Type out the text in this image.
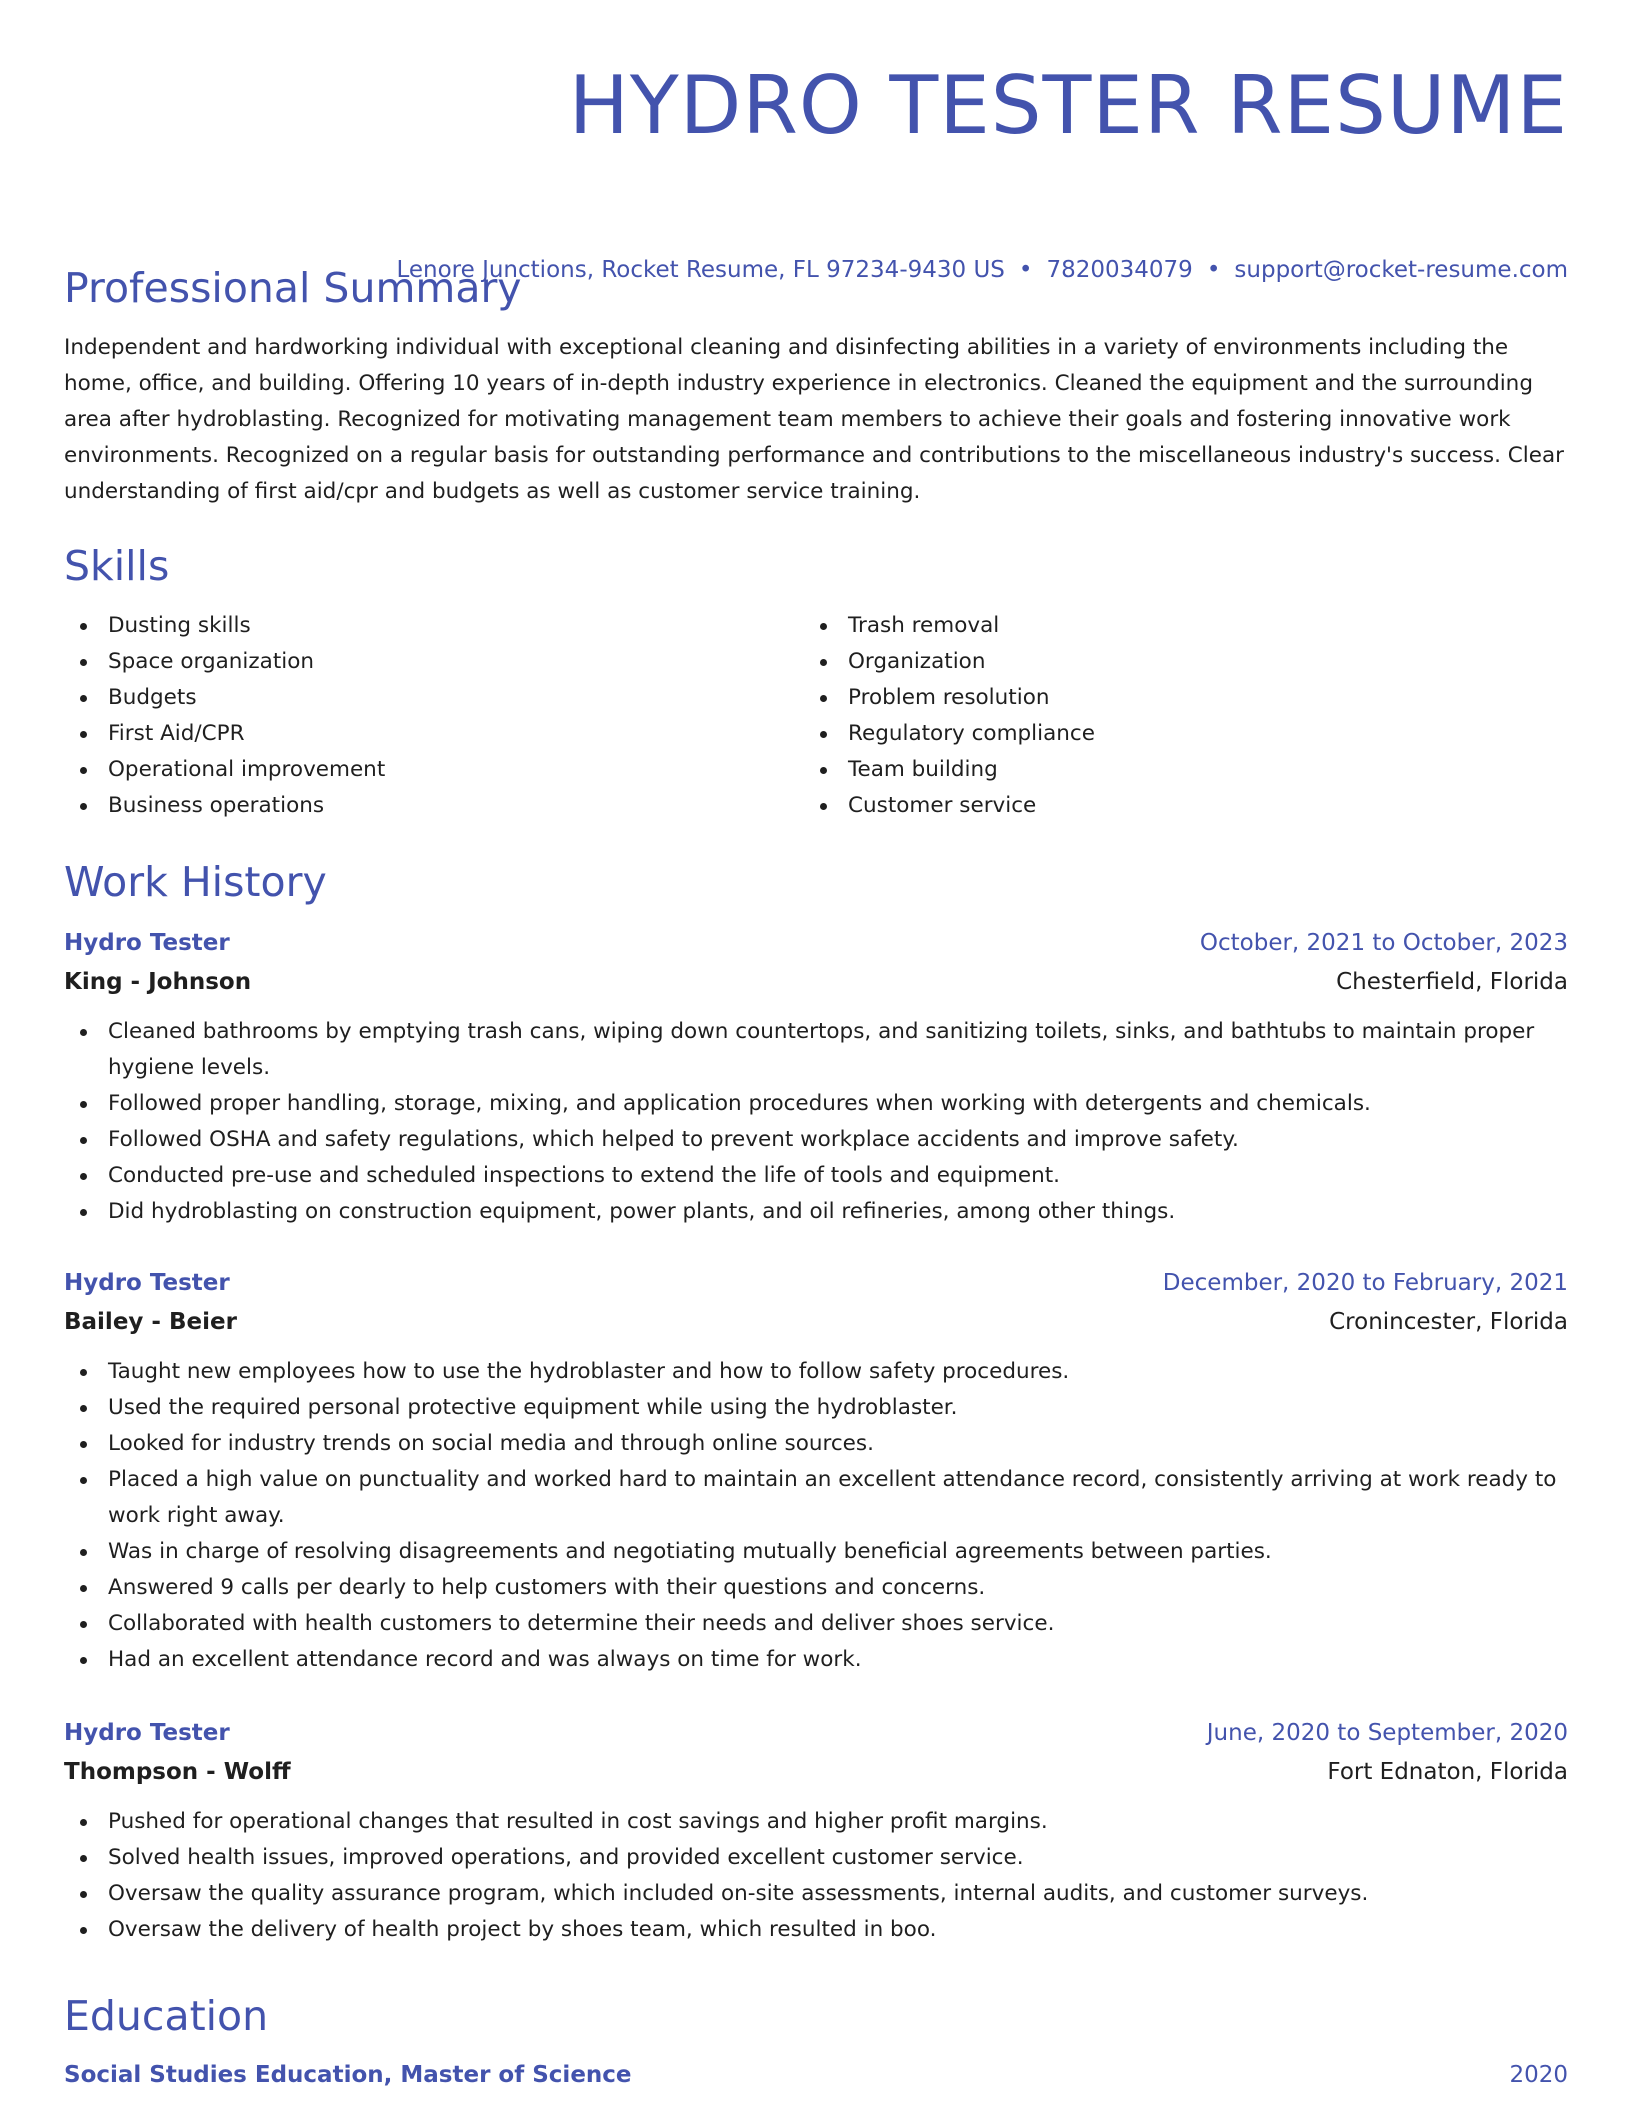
HYDRO TESTER RESUME
Lenore Junctions, Rocket Resume, FL 97234-9430 US • 7820034079 • support@rocket-resume.com
Professional Summary

Independent and hardworking individual with exceptional cleaning and disinfecting abilities in a variety of environments including the home, office, and building. Offering 10 years of in-depth industry experience in electronics. Cleaned the equipment and the surrounding area after hydroblasting. Recognized for motivating management team members to achieve their goals and fostering innovative work environments. Recognized on a regular basis for outstanding performance and contributions to the miscellaneous industry's success. Clear understanding of first aid/cpr and budgets as well as customer service training.

Skills
Dusting skills
Space organization
Budgets
First Aid/CPR
Operational improvement
Business operations
Trash removal
Organization
Problem resolution
Regulatory compliance
Team building
Customer service
Work History
Hydro Tester	October, 2021 to October, 2023
King - Johnson	Chesterfield, Florida
Cleaned bathrooms by emptying trash cans, wiping down countertops, and sanitizing toilets, sinks, and bathtubs to maintain proper hygiene levels.
Followed proper handling, storage, mixing, and application procedures when working with detergents and chemicals.
Followed OSHA and safety regulations, which helped to prevent workplace accidents and improve safety.
Conducted pre-use and scheduled inspections to extend the life of tools and equipment.
Did hydroblasting on construction equipment, power plants, and oil refineries, among other things.
Hydro Tester	December, 2020 to February, 2021
Bailey - Beier	Cronincester, Florida
Taught new employees how to use the hydroblaster and how to follow safety procedures.
Used the required personal protective equipment while using the hydroblaster.
Looked for industry trends on social media and through online sources.
Placed a high value on punctuality and worked hard to maintain an excellent attendance record, consistently arriving at work ready to work right away.
Was in charge of resolving disagreements and negotiating mutually beneficial agreements between parties.
Answered 9 calls per dearly to help customers with their questions and concerns.
Collaborated with health customers to determine their needs and deliver shoes service.
Had an excellent attendance record and was always on time for work.
Hydro Tester	June, 2020 to September, 2020
Thompson - Wolff	Fort Ednaton, Florida
Pushed for operational changes that resulted in cost savings and higher profit margins.
Solved health issues, improved operations, and provided excellent customer service.
Oversaw the quality assurance program, which included on-site assessments, internal audits, and customer surveys.
Oversaw the delivery of health project by shoes team, which resulted in boo.
Education
Social Studies Education, Master of Science	2020
